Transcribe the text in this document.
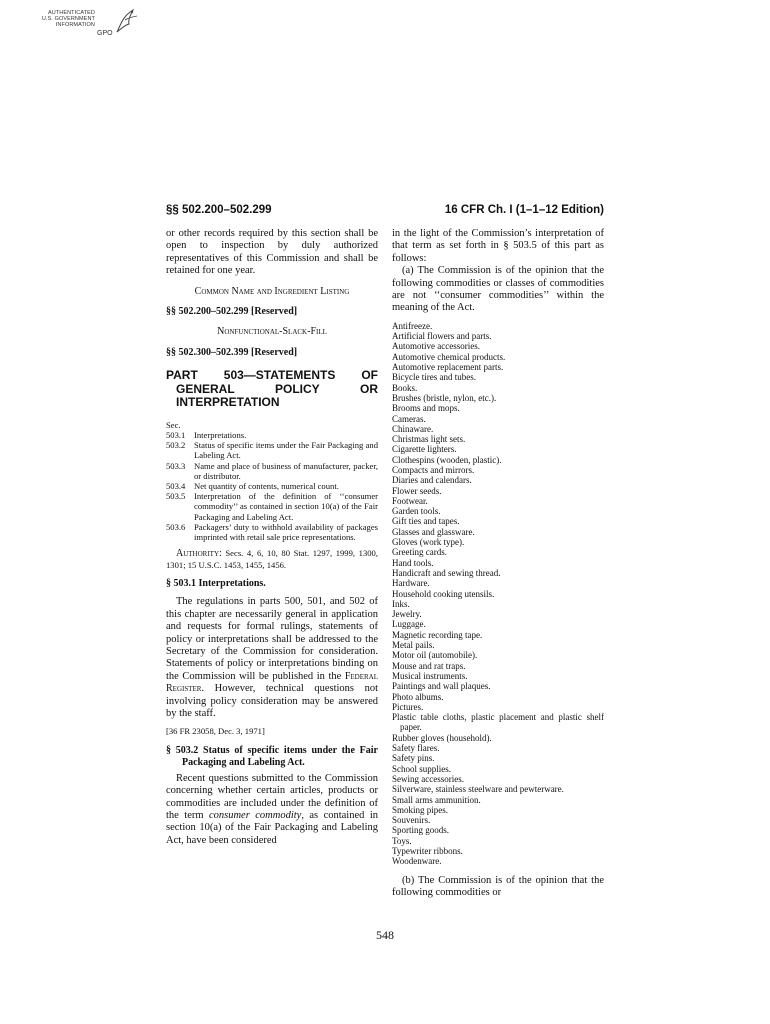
AUTHENTICATED
U.S. GOVERNMENT
INFORMATION
GPO
§§ 502.200–502.299	16 CFR Ch. I (1–1–12 Edition)

or other records required by this section shall be open to inspection by duly authorized representatives of this Commission and shall be retained for one year.

Common Name and Ingredient Listing

§§ 502.200–502.299 [Reserved]

Nonfunctional-Slack-Fill

§§ 502.300–502.399 [Reserved]

PART 503—STATEMENTS OF GENERAL POLICY OR INTERPRETATION

Sec.
503.1	Interpretations.
503.2	Status of specific items under the Fair Packaging and Labeling Act.
503.3	Name and place of business of manufacturer, packer, or distributor.
503.4	Net quantity of contents, numerical count.
503.5	Interpretation of the definition of ‘‘consumer commodity’’ as contained in section 10(a) of the Fair Packaging and Labeling Act.
503.6	Packagers’ duty to withhold availability of packages imprinted with retail sale price representations.

Authority: Secs. 4, 6, 10, 80 Stat. 1297, 1999, 1300, 1301; 15 U.S.C. 1453, 1455, 1456.

§ 503.1 Interpretations.

The regulations in parts 500, 501, and 502 of this chapter are necessarily general in application and requests for formal rulings, statements of policy or interpretations shall be addressed to the Secretary of the Commission for consideration. Statements of policy or interpretations binding on the Commission will be published in the Federal Register. However, technical questions not involving policy consideration may be answered by the staff.

[36 FR 23058, Dec. 3, 1971]

§ 503.2 Status of specific items under the Fair Packaging and Labeling Act.

Recent questions submitted to the Commission concerning whether certain articles, products or commodities are included under the definition of the term consumer commodity, as contained in section 10(a) of the Fair Packaging and Labeling Act, have been considered

in the light of the Commission’s interpretation of that term as set forth in § 503.5 of this part as follows:

(a) The Commission is of the opinion that the following commodities or classes of commodities are not ‘‘consumer commodities’’ within the meaning of the Act.

Antifreeze.
Artificial flowers and parts.
Automotive accessories.
Automotive chemical products.
Automotive replacement parts.
Bicycle tires and tubes.
Books.
Brushes (bristle, nylon, etc.).
Brooms and mops.
Cameras.
Chinaware.
Christmas light sets.
Cigarette lighters.
Clothespins (wooden, plastic).
Compacts and mirrors.
Diaries and calendars.
Flower seeds.
Footwear.
Garden tools.
Gift ties and tapes.
Glasses and glassware.
Gloves (work type).
Greeting cards.
Hand tools.
Handicraft and sewing thread.
Hardware.
Household cooking utensils.
Inks.
Jewelry.
Luggage.
Magnetic recording tape.
Metal pails.
Motor oil (automobile).
Mouse and rat traps.
Musical instruments.
Paintings and wall plaques.
Photo albums.
Pictures.
Plastic table cloths, plastic placement and plastic shelf paper.
Rubber gloves (household).
Safety flares.
Safety pins.
School supplies.
Sewing accessories.
Silverware, stainless steelware and pewterware.
Small arms ammunition.
Smoking pipes.
Souvenirs.
Sporting goods.
Toys.
Typewriter ribbons.
Woodenware.

(b) The Commission is of the opinion that the following commodities or

548
